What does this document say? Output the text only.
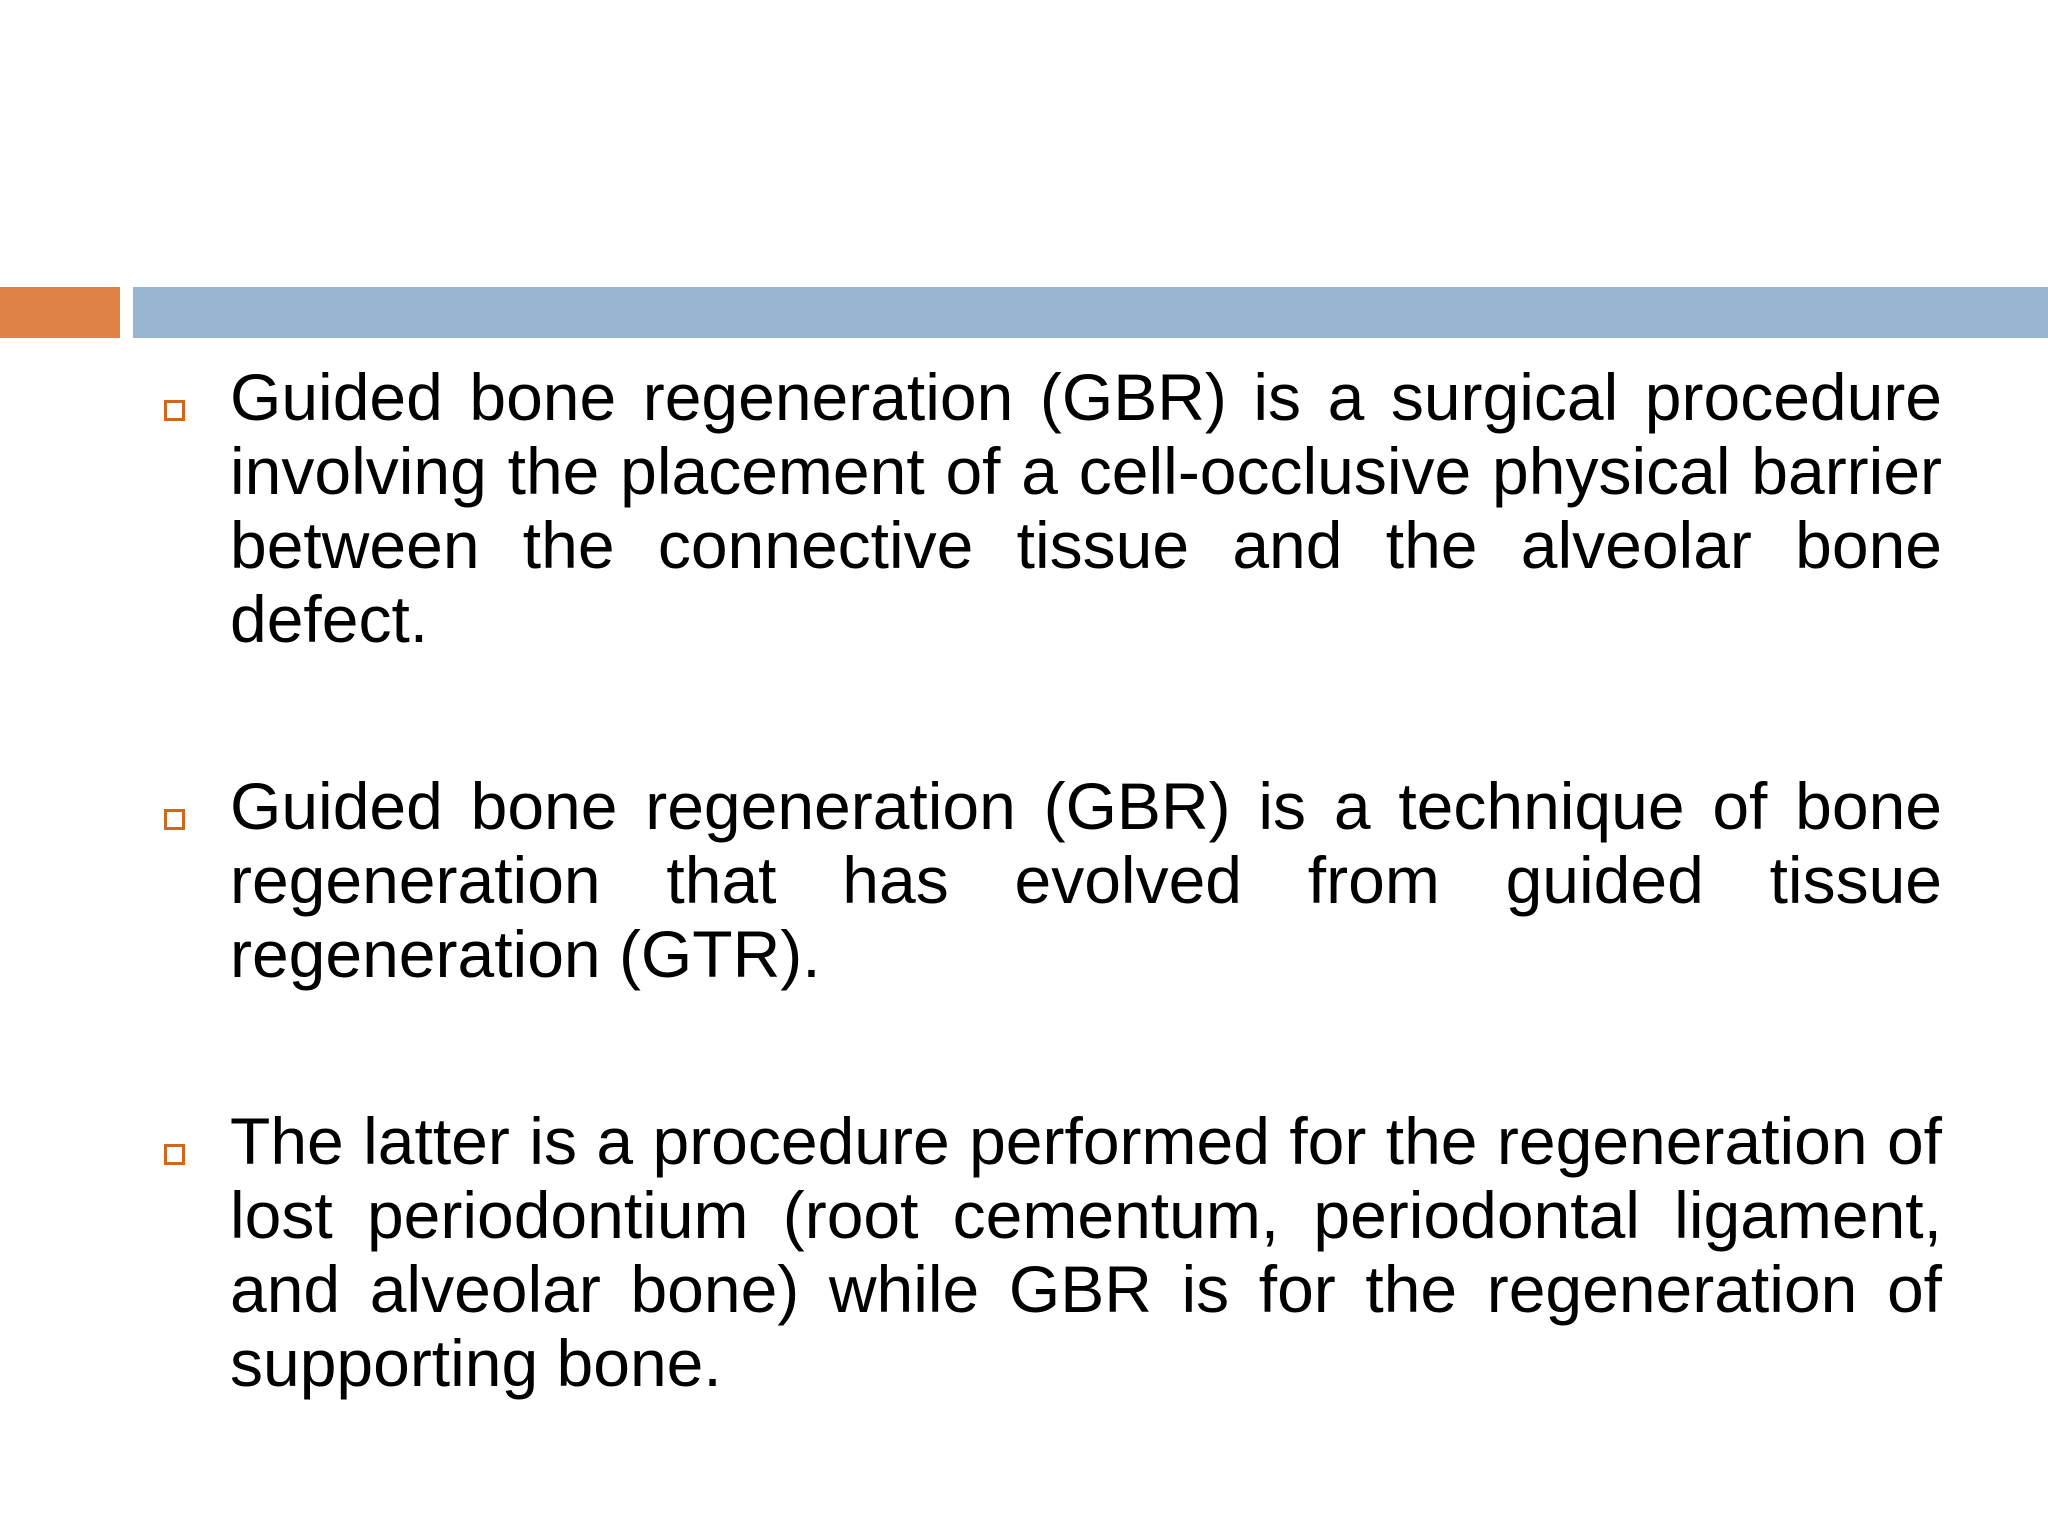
Guided bone regeneration (GBR) is a surgical procedure involving the placement of a cell-occlusive physical barrier between the connective tissue and the alveolar bone defect.
Guided bone regeneration (GBR) is a technique of bone regeneration that has evolved from guided tissue regeneration (GTR).
The latter is a procedure performed for the regeneration of lost periodontium (root cementum, periodontal ligament, and alveolar bone) while GBR is for the regeneration of supporting bone.
